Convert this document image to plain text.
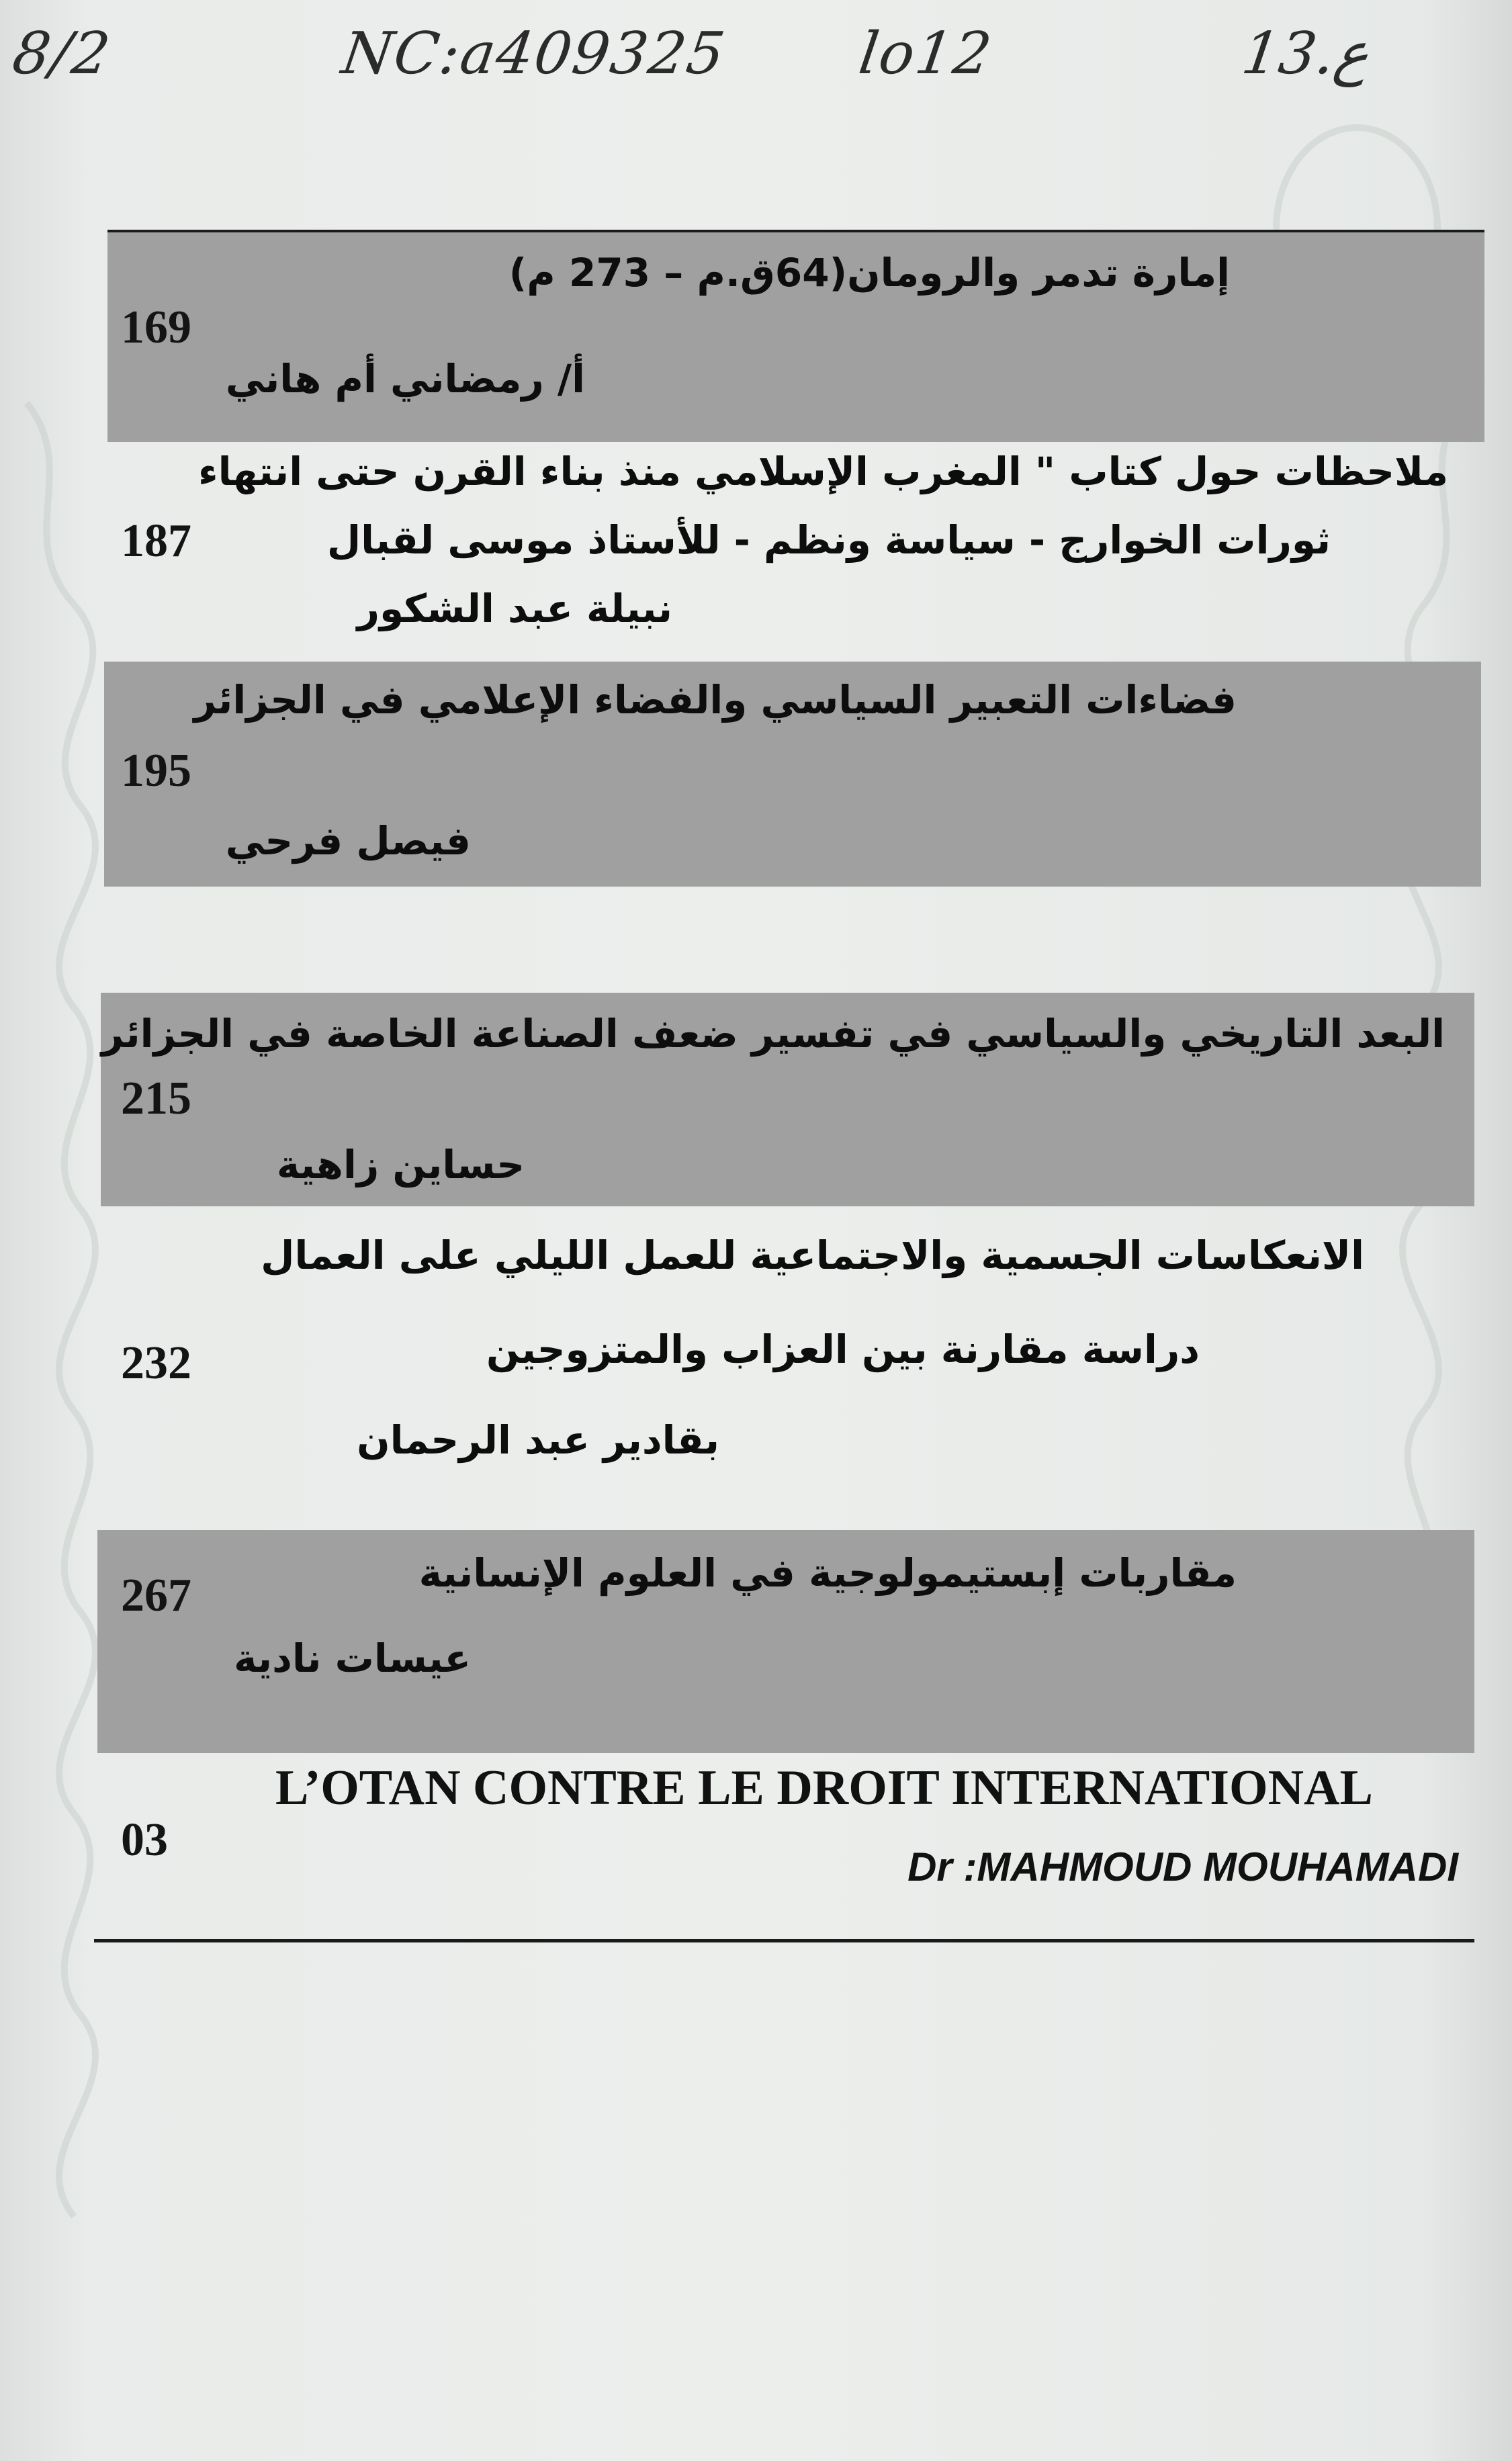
8/2	NC:a409325 lo12	13.ع
إمارة تدمر والرومان(64ق.م – 273 م)
169
أ/ رمضاني أم هاني
ملاحظات حول كتاب " المغرب الإسلامي منذ بناء القرن حتى انتهاء
ثورات الخوارج - سياسة ونظم - للأستاذ موسى لقبال
187
نبيلة عبد الشكور
فضاءات التعبير السياسي والفضاء الإعلامي في الجزائر
195
فيصل فرحي
البعد التاريخي والسياسي في تفسير ضعف الصناعة الخاصة في الجزائر
215
حساين زاهية
الانعكاسات الجسمية والاجتماعية للعمل الليلي على العمال
دراسة مقارنة بين العزاب والمتزوجين
232
بقادير عبد الرحمان
مقاربات إبستيمولوجية في العلوم الإنسانية
267
عيسات نادية
L’OTAN CONTRE LE DROIT INTERNATIONAL
03
Dr :MAHMOUD MOUHAMADI
